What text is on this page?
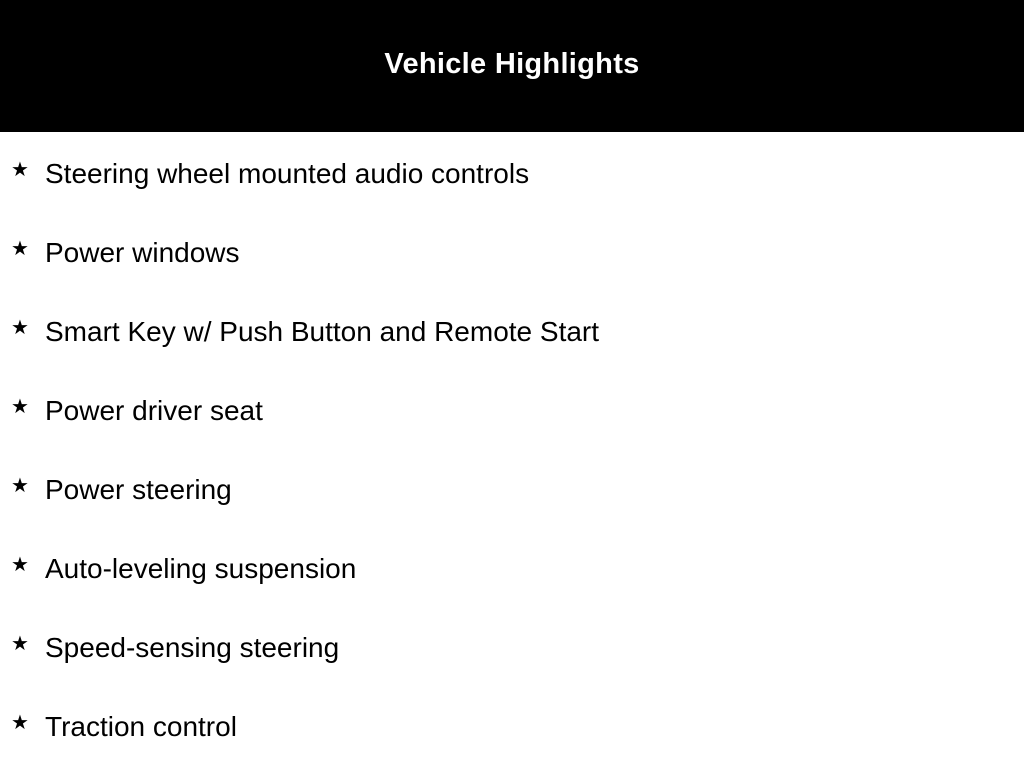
Vehicle Highlights
★ Steering wheel mounted audio controls
★ Power windows
★ Smart Key w/ Push Button and Remote Start
★ Power driver seat
★ Power steering
★ Auto-leveling suspension
★ Speed-sensing steering
★ Traction control
